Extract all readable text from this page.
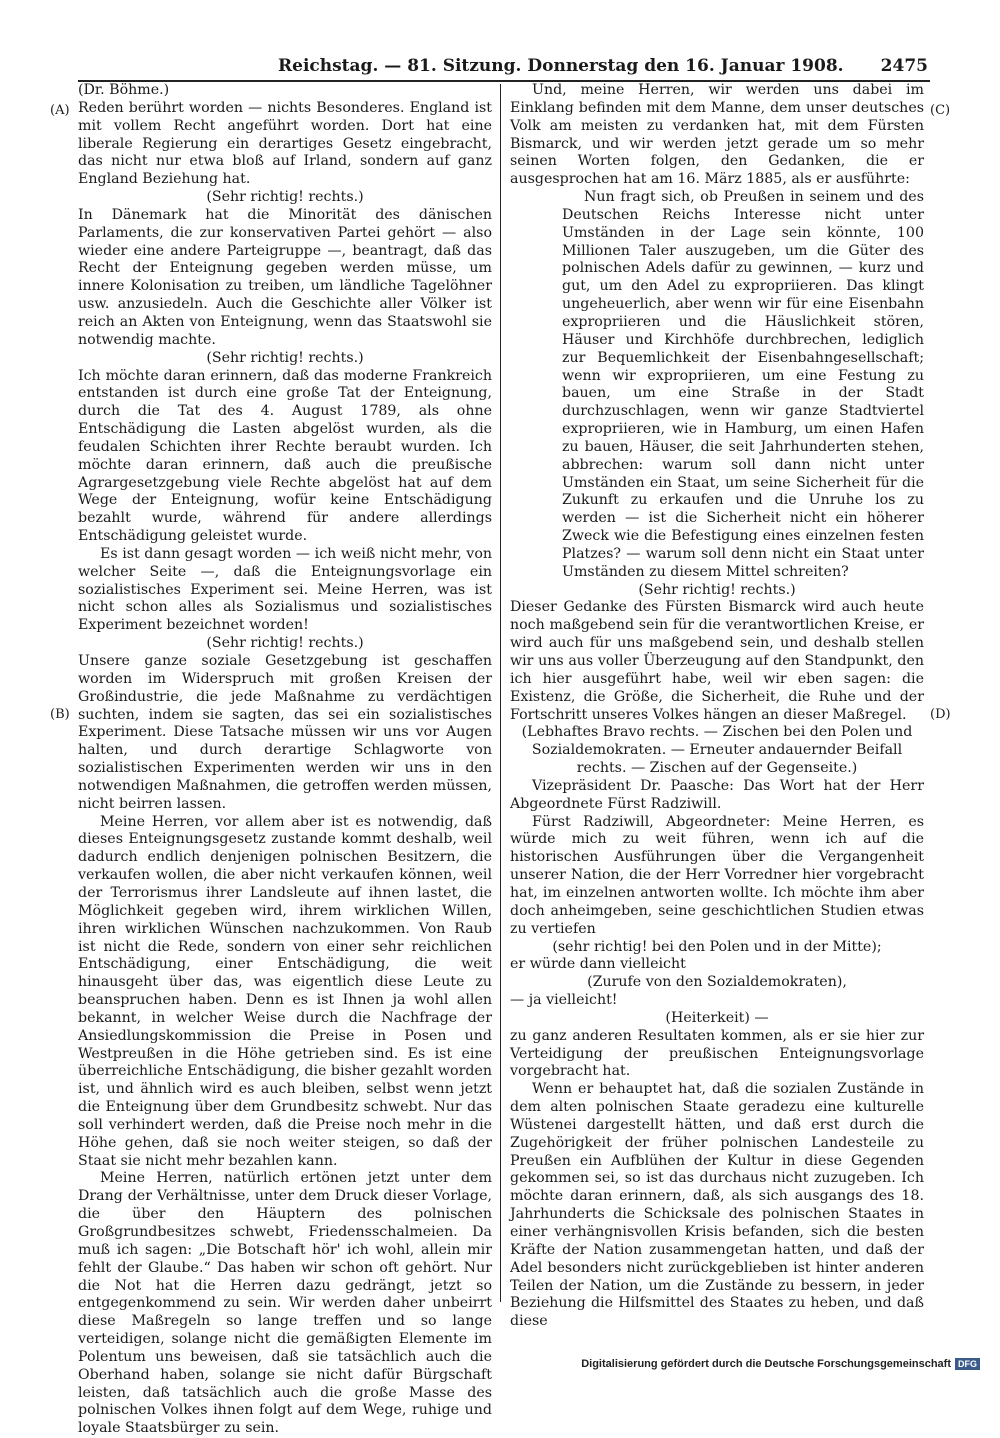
Reichstag. — 81. Sitzung. Donnerstag den 16. Januar 1908. 2475
(A)
(B)
(C)
(D)

(Dr. Böhme.)

Reden berührt worden — nichts Besonderes. England ist mit vollem Recht angeführt worden. Dort hat eine liberale Regierung ein derartiges Gesetz eingebracht, das nicht nur etwa bloß auf Irland, sondern auf ganz England Beziehung hat.

(Sehr richtig! rechts.)

In Dänemark hat die Minorität des dänischen Parlaments, die zur konservativen Partei gehört — also wieder eine andere Parteigruppe —, beantragt, daß das Recht der Enteignung gegeben werden müsse, um innere Kolonisation zu treiben, um ländliche Tagelöhner usw. anzusiedeln. Auch die Geschichte aller Völker ist reich an Akten von Enteignung, wenn das Staatswohl sie notwendig machte.

(Sehr richtig! rechts.)

Ich möchte daran erinnern, daß das moderne Frankreich entstanden ist durch eine große Tat der Enteignung, durch die Tat des 4. August 1789, als ohne Entschädigung die Lasten abgelöst wurden, als die feudalen Schichten ihrer Rechte beraubt wurden. Ich möchte daran erinnern, daß auch die preußische Agrargesetzgebung viele Rechte abgelöst hat auf dem Wege der Enteignung, wofür keine Entschädigung bezahlt wurde, während für andere allerdings Entschädigung geleistet wurde.

Es ist dann gesagt worden — ich weiß nicht mehr, von welcher Seite —, daß die Enteignungsvorlage ein sozialistisches Experiment sei. Meine Herren, was ist nicht schon alles als Sozialismus und sozialistisches Experiment bezeichnet worden!

(Sehr richtig! rechts.)

Unsere ganze soziale Gesetzgebung ist geschaffen worden im Widerspruch mit großen Kreisen der Großindustrie, die jede Maßnahme zu verdächtigen suchten, indem sie sagten, das sei ein sozialistisches Experiment. Diese Tatsache müssen wir uns vor Augen halten, und durch derartige Schlagworte von sozialistischen Experimenten werden wir uns in den notwendigen Maßnahmen, die getroffen werden müssen, nicht beirren lassen.

Meine Herren, vor allem aber ist es notwendig, daß dieses Enteignungsgesetz zustande kommt deshalb, weil dadurch endlich denjenigen polnischen Besitzern, die verkaufen wollen, die aber nicht verkaufen können, weil der Terrorismus ihrer Landsleute auf ihnen lastet, die Möglichkeit gegeben wird, ihrem wirklichen Willen, ihren wirklichen Wünschen nachzukommen. Von Raub ist nicht die Rede, sondern von einer sehr reichlichen Entschädigung, einer Entschädigung, die weit hinausgeht über das, was eigentlich diese Leute zu beanspruchen haben. Denn es ist Ihnen ja wohl allen bekannt, in welcher Weise durch die Nachfrage der Ansiedlungskommission die Preise in Posen und Westpreußen in die Höhe getrieben sind. Es ist eine überreichliche Entschädigung, die bisher gezahlt worden ist, und ähnlich wird es auch bleiben, selbst wenn jetzt die Enteignung über dem Grundbesitz schwebt. Nur das soll verhindert werden, daß die Preise noch mehr in die Höhe gehen, daß sie noch weiter steigen, so daß der Staat sie nicht mehr bezahlen kann.

Meine Herren, natürlich ertönen jetzt unter dem Drang der Verhältnisse, unter dem Druck dieser Vorlage, die über den Häuptern des polnischen Großgrundbesitzes schwebt, Friedensschalmeien. Da muß ich sagen: „Die Botschaft hör' ich wohl, allein mir fehlt der Glaube.“ Das haben wir schon oft gehört. Nur die Not hat die Herren dazu gedrängt, jetzt so entgegenkommend zu sein. Wir werden daher unbeirrt diese Maßregeln so lange treffen und so lange verteidigen, solange nicht die gemäßigten Elemente im Polentum uns beweisen, daß sie tatsächlich auch die Oberhand haben, solange sie nicht dafür Bürgschaft leisten, daß tatsächlich auch die große Masse des polnischen Volkes ihnen folgt auf dem Wege, ruhige und loyale Staatsbürger zu sein.

Und, meine Herren, wir werden uns dabei im Einklang befinden mit dem Manne, dem unser deutsches Volk am meisten zu verdanken hat, mit dem Fürsten Bismarck, und wir werden jetzt gerade um so mehr seinen Worten folgen, den Gedanken, die er ausgesprochen hat am 16. März 1885, als er ausführte:

Nun fragt sich, ob Preußen in seinem und des Deutschen Reichs Interesse nicht unter Umständen in der Lage sein könnte, 100 Millionen Taler auszugeben, um die Güter des polnischen Adels dafür zu gewinnen, — kurz und gut, um den Adel zu expropriieren. Das klingt ungeheuerlich, aber wenn wir für eine Eisenbahn expropriieren und die Häuslichkeit stören, Häuser und Kirchhöfe durchbrechen, lediglich zur Bequemlichkeit der Eisenbahngesellschaft; wenn wir expropriieren, um eine Festung zu bauen, um eine Straße in der Stadt durchzuschlagen, wenn wir ganze Stadtviertel expropriieren, wie in Hamburg, um einen Hafen zu bauen, Häuser, die seit Jahrhunderten stehen, abbrechen: warum soll dann nicht unter Umständen ein Staat, um seine Sicherheit für die Zukunft zu erkaufen und die Unruhe los zu werden — ist die Sicherheit nicht ein höherer Zweck wie die Befestigung eines einzelnen festen Platzes? — warum soll denn nicht ein Staat unter Umständen zu diesem Mittel schreiten?

(Sehr richtig! rechts.)

Dieser Gedanke des Fürsten Bismarck wird auch heute noch maßgebend sein für die verantwortlichen Kreise, er wird auch für uns maßgebend sein, und deshalb stellen wir uns aus voller Überzeugung auf den Standpunkt, den ich hier ausgeführt habe, weil wir eben sagen: die Existenz, die Größe, die Sicherheit, die Ruhe und der Fortschritt unseres Volkes hängen an dieser Maßregel.

(Lebhaftes Bravo rechts. — Zischen bei den Polen und Sozialdemokraten. — Erneuter andauernder Beifall rechts. — Zischen auf der Gegenseite.)

Vizepräsident Dr. Paasche: Das Wort hat der Herr Abgeordnete Fürst Radziwill.

Fürst Radziwill, Abgeordneter: Meine Herren, es würde mich zu weit führen, wenn ich auf die historischen Ausführungen über die Vergangenheit unserer Nation, die der Herr Vorredner hier vorgebracht hat, im einzelnen antworten wollte. Ich möchte ihm aber doch anheimgeben, seine geschichtlichen Studien etwas zu vertiefen

(sehr richtig! bei den Polen und in der Mitte);

er würde dann vielleicht

(Zurufe von den Sozialdemokraten),

— ja vielleicht!

(Heiterkeit) —

zu ganz anderen Resultaten kommen, als er sie hier zur Verteidigung der preußischen Enteignungsvorlage vorgebracht hat.

Wenn er behauptet hat, daß die sozialen Zustände in dem alten polnischen Staate geradezu eine kulturelle Wüstenei dargestellt hätten, und daß erst durch die Zugehörigkeit der früher polnischen Landesteile zu Preußen ein Aufblühen der Kultur in diese Gegenden gekommen sei, so ist das durchaus nicht zuzugeben. Ich möchte daran erinnern, daß, als sich ausgangs des 18. Jahrhunderts die Schicksale des polnischen Staates in einer verhängnisvollen Krisis befanden, sich die besten Kräfte der Nation zusammengetan hatten, und daß der Adel besonders nicht zurückgeblieben ist hinter anderen Teilen der Nation, um die Zustände zu bessern, in jeder Beziehung die Hilfsmittel des Staates zu heben, und daß diese

Digitalisierung gefördert durch die Deutsche Forschungsgemeinschaft DFG
